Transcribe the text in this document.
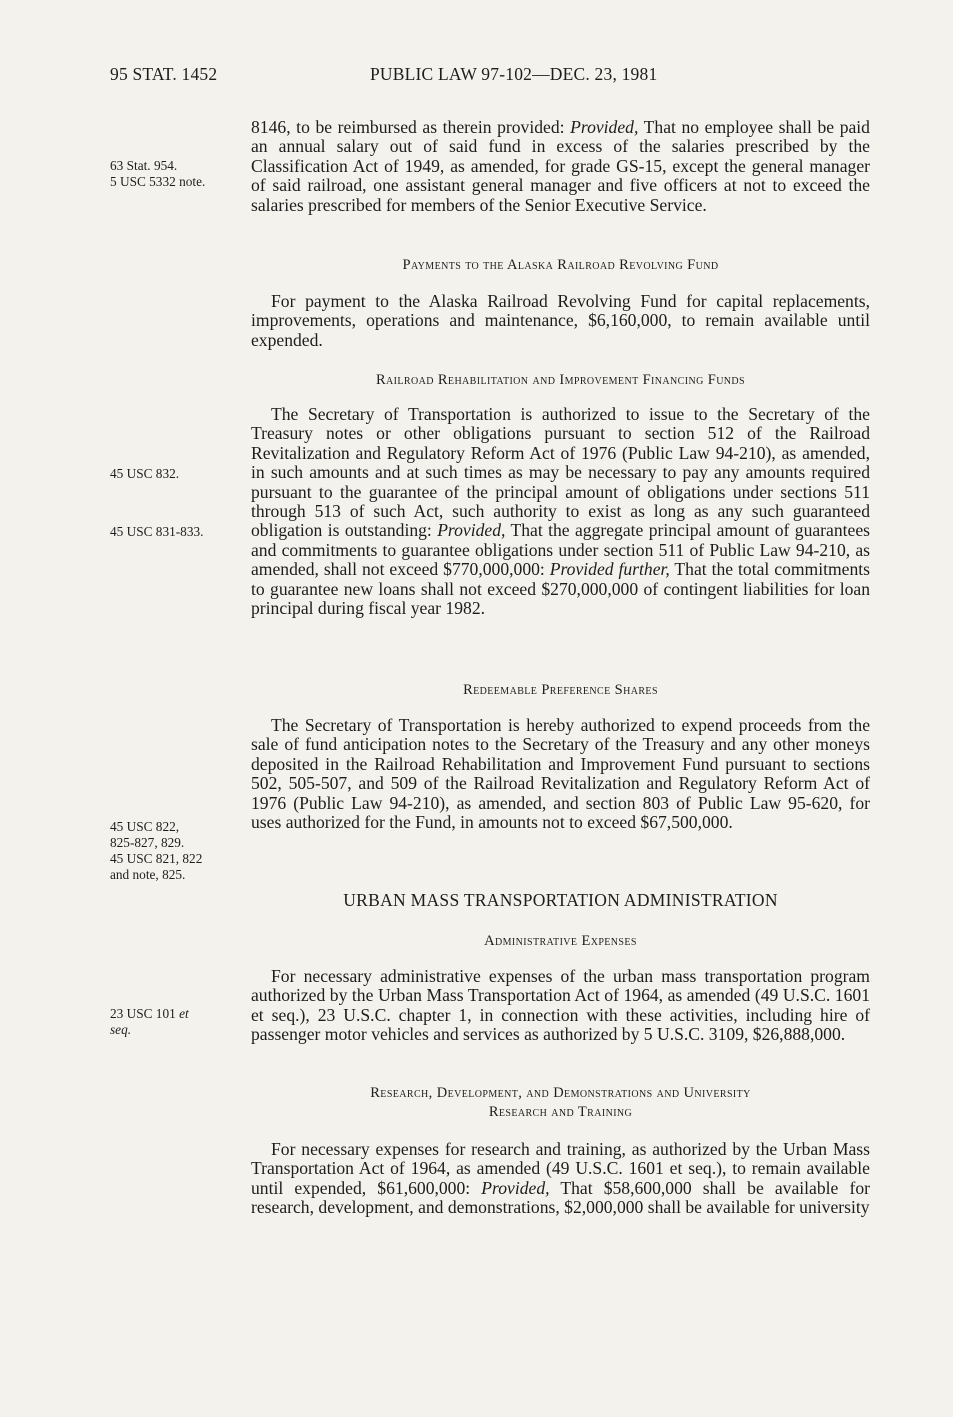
95 STAT. 1452	PUBLIC LAW 97-102—DEC. 23, 1981
63 Stat. 954.
5 USC 5332 note.
45 USC 832.
45 USC 831-833.
45 USC 822,
825-827, 829.
45 USC 821, 822
and note, 825.
23 USC 101 et
seq.

8146, to be reimbursed as therein provided: Provided, That no employee shall be paid an annual salary out of said fund in excess of the salaries prescribed by the Classification Act of 1949, as amended, for grade GS-15, except the general manager of said railroad, one assistant general manager and five officers at not to exceed the salaries prescribed for members of the Senior Executive Service.

Payments to the Alaska Railroad Revolving Fund

For payment to the Alaska Railroad Revolving Fund for capital replacements, improvements, operations and maintenance, $6,160,000, to remain available until expended.

Railroad Rehabilitation and Improvement Financing Funds

The Secretary of Transportation is authorized to issue to the Secretary of the Treasury notes or other obligations pursuant to section 512 of the Railroad Revitalization and Regulatory Reform Act of 1976 (Public Law 94-210), as amended, in such amounts and at such times as may be necessary to pay any amounts required pursuant to the guarantee of the principal amount of obligations under sections 511 through 513 of such Act, such authority to exist as long as any such guaranteed obligation is outstanding: Provided, That the aggregate principal amount of guarantees and commitments to guarantee obligations under section 511 of Public Law 94-210, as amended, shall not exceed $770,000,000: Provided further, That the total commitments to guarantee new loans shall not exceed $270,000,000 of contingent liabilities for loan principal during fiscal year 1982.

Redeemable Preference Shares

The Secretary of Transportation is hereby authorized to expend proceeds from the sale of fund anticipation notes to the Secretary of the Treasury and any other moneys deposited in the Railroad Rehabilitation and Improvement Fund pursuant to sections 502, 505-507, and 509 of the Railroad Revitalization and Regulatory Reform Act of 1976 (Public Law 94-210), as amended, and section 803 of Public Law 95-620, for uses authorized for the Fund, in amounts not to exceed $67,500,000.

URBAN MASS TRANSPORTATION ADMINISTRATION
Administrative Expenses

For necessary administrative expenses of the urban mass transportation program authorized by the Urban Mass Transportation Act of 1964, as amended (49 U.S.C. 1601 et seq.), 23 U.S.C. chapter 1, in connection with these activities, including hire of passenger motor vehicles and services as authorized by 5 U.S.C. 3109, $26,888,000.

Research, Development, and Demonstrations and University
Research and Training

For necessary expenses for research and training, as authorized by the Urban Mass Transportation Act of 1964, as amended (49 U.S.C. 1601 et seq.), to remain available until expended, $61,600,000: Provided, That $58,600,000 shall be available for research, development, and demonstrations, $2,000,000 shall be available for university
